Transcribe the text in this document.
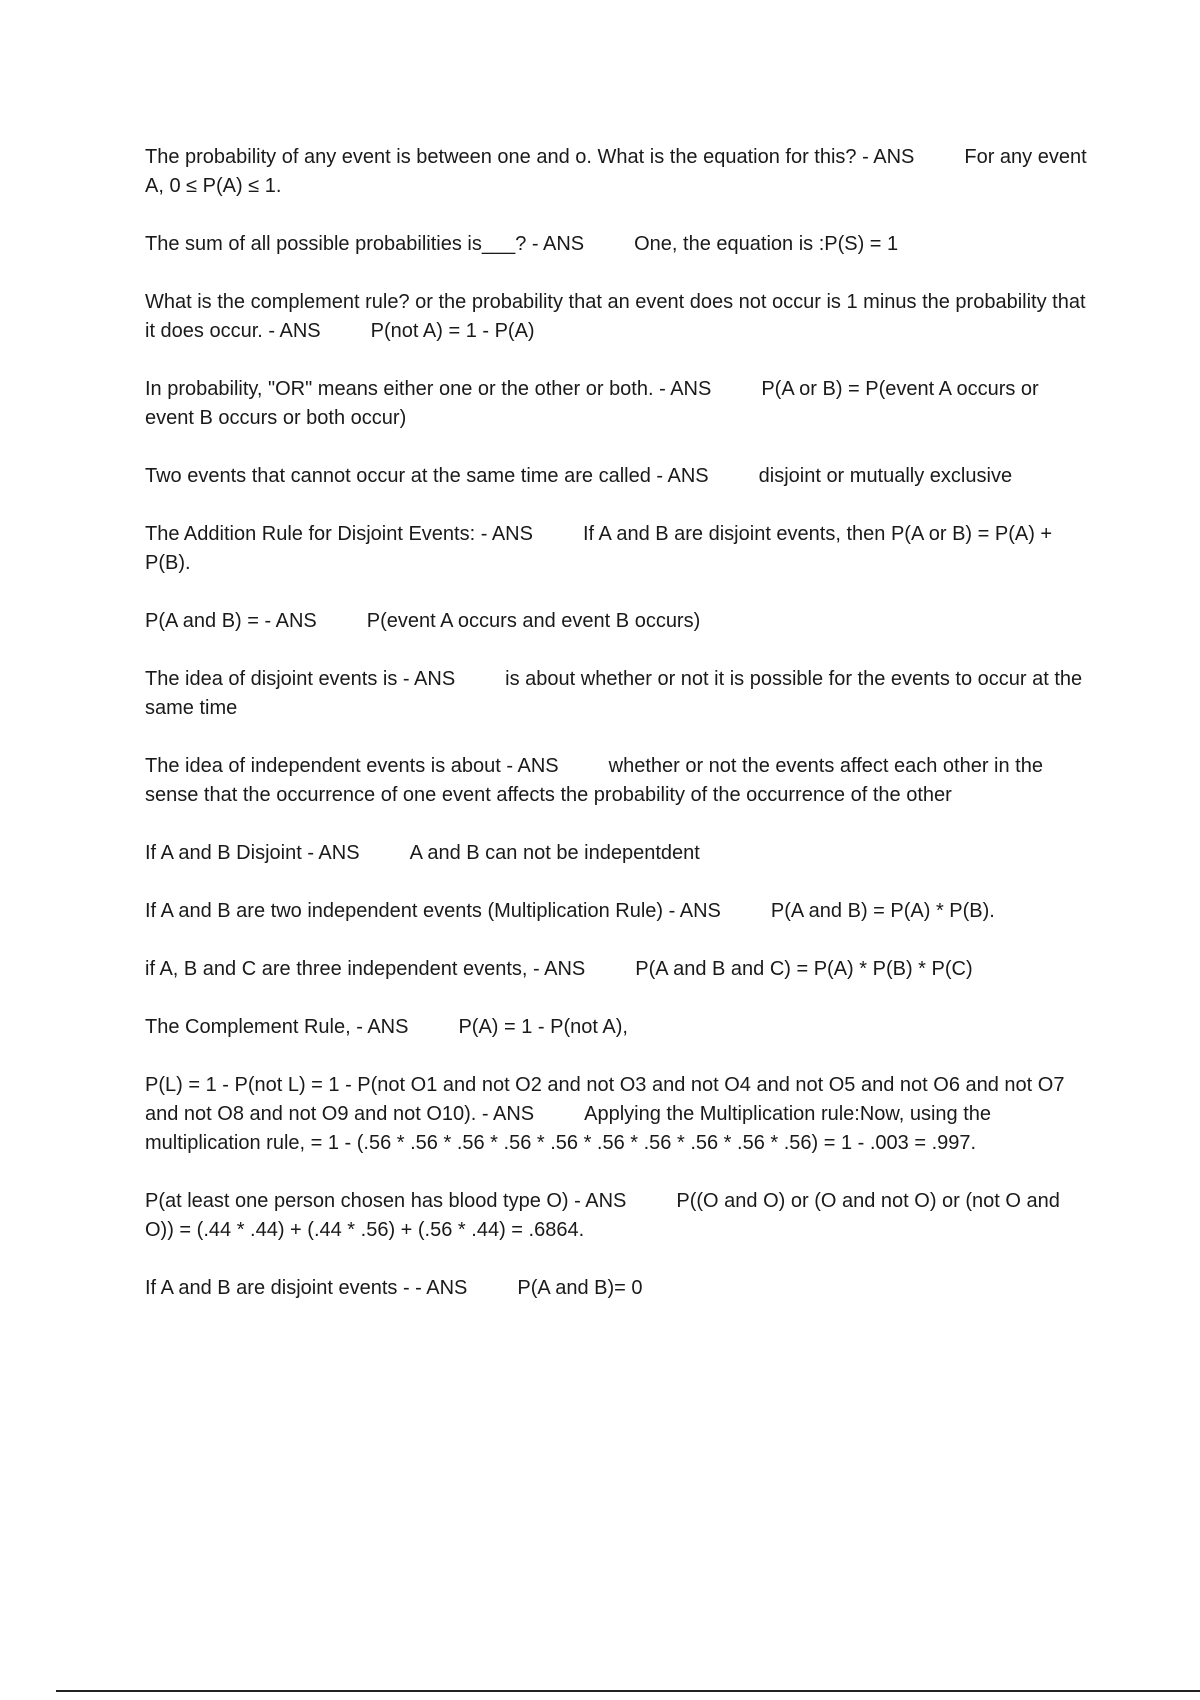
The probability of any event is between one and o. What is the equation for this? - ANS	For any event A, 0 ≤ P(A) ≤ 1.

The sum of all possible probabilities is___? - ANS	One, the equation is :P(S) = 1

What is the complement rule? or the probability that an event does not occur is 1 minus the probability that it does occur. - ANS	P(not A) = 1 - P(A)

In probability, "OR" means either one or the other or both. - ANS	P(A or B) = P(event A occurs or event B occurs or both occur)

Two events that cannot occur at the same time are called - ANS	disjoint or mutually exclusive

The Addition Rule for Disjoint Events: - ANS	If A and B are disjoint events, then P(A or B) = P(A) + P(B).

P(A and B) = - ANS	P(event A occurs and event B occurs)

The idea of disjoint events is - ANS	is about whether or not it is possible for the events to occur at the same time

The idea of independent events is about - ANS	whether or not the events affect each other in the sense that the occurrence of one event affects the probability of the occurrence of the other

If A and B Disjoint - ANS	A and B can not be indepentdent

If A and B are two independent events (Multiplication Rule) - ANS	P(A and B) = P(A) * P(B).

if A, B and C are three independent events, - ANS	P(A and B and C) = P(A) * P(B) * P(C)

The Complement Rule, - ANS	P(A) = 1 - P(not A),

P(L) = 1 - P(not L) = 1 - P(not O1 and not O2 and not O3 and not O4 and not O5 and not O6 and not O7 and not O8 and not O9 and not O10). - ANS	Applying the Multiplication rule:Now, using the multiplication rule, = 1 - (.56 * .56 * .56 * .56 * .56 * .56 * .56 * .56 * .56 * .56) = 1 - .003 = .997.

P(at least one person chosen has blood type O) - ANS	P((O and O) or (O and not O) or (not O and O)) = (.44 * .44) + (.44 * .56) + (.56 * .44) = .6864.

If A and B are disjoint events - - ANS	P(A and B)= 0
